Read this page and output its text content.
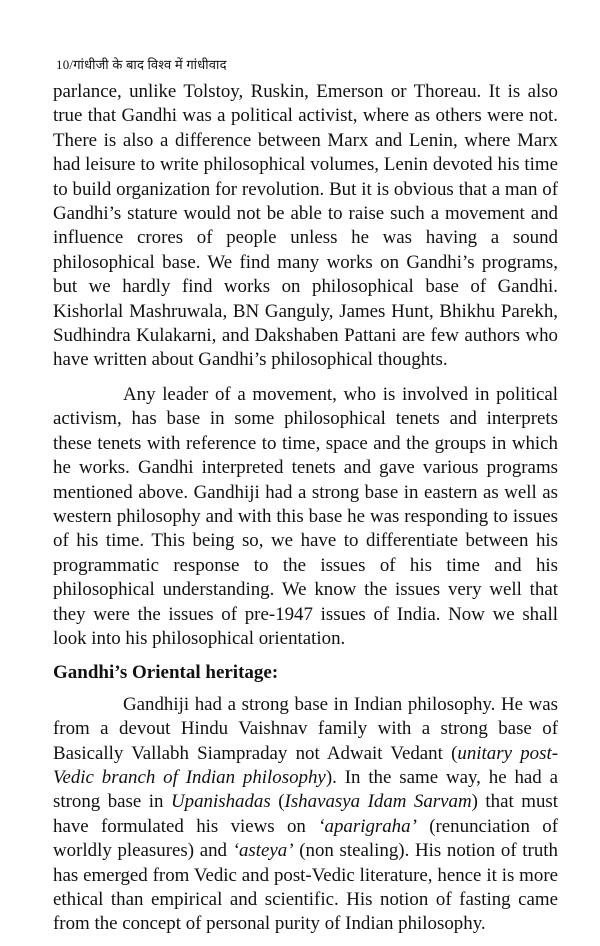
10/गांधीजी के बाद विश्व में गांधीवाद

parlance, unlike Tolstoy, Ruskin, Emerson or Thoreau. It is also true that Gandhi was a political activist, where as others were not. There is also a difference between Marx and Lenin, where Marx had leisure to write philosophical volumes, Lenin devoted his time to build organization for revolution. But it is obvious that a man of Gandhi’s stature would not be able to raise such a movement and influence crores of people unless he was having a sound philosophical base. We find many works on Gandhi’s programs, but we hardly find works on philosophical base of Gandhi. Kishorlal Mashruwala, BN Ganguly, James Hunt, Bhikhu Parekh, Sudhindra Kulakarni, and Dakshaben Pattani are few authors who have written about Gandhi’s philosophical thoughts.

Any leader of a movement, who is involved in political activism, has base in some philosophical tenets and interprets these tenets with reference to time, space and the groups in which he works. Gandhi interpreted tenets and gave various programs mentioned above. Gandhiji had a strong base in eastern as well as western philosophy and with this base he was responding to issues of his time. This being so, we have to differentiate between his programmatic response to the issues of his time and his philosophical understanding. We know the issues very well that they were the issues of pre-1947 issues of India. Now we shall look into his philosophical orientation.

Gandhi’s Oriental heritage:

Gandhiji had a strong base in Indian philosophy. He was from a devout Hindu Vaishnav family with a strong base of Basically Vallabh Siampraday not Adwait Vedant (unitary post-Vedic branch of Indian philosophy). In the same way, he had a strong base in Upanishadas (Ishavasya Idam Sarvam) that must have formulated his views on ‘aparigraha’ (renunciation of worldly pleasures) and ‘asteya’ (non stealing). His notion of truth has emerged from Vedic and post-Vedic literature, hence it is more ethical than empirical and scientific. His notion of fasting came from the concept of personal purity of Indian philosophy.
